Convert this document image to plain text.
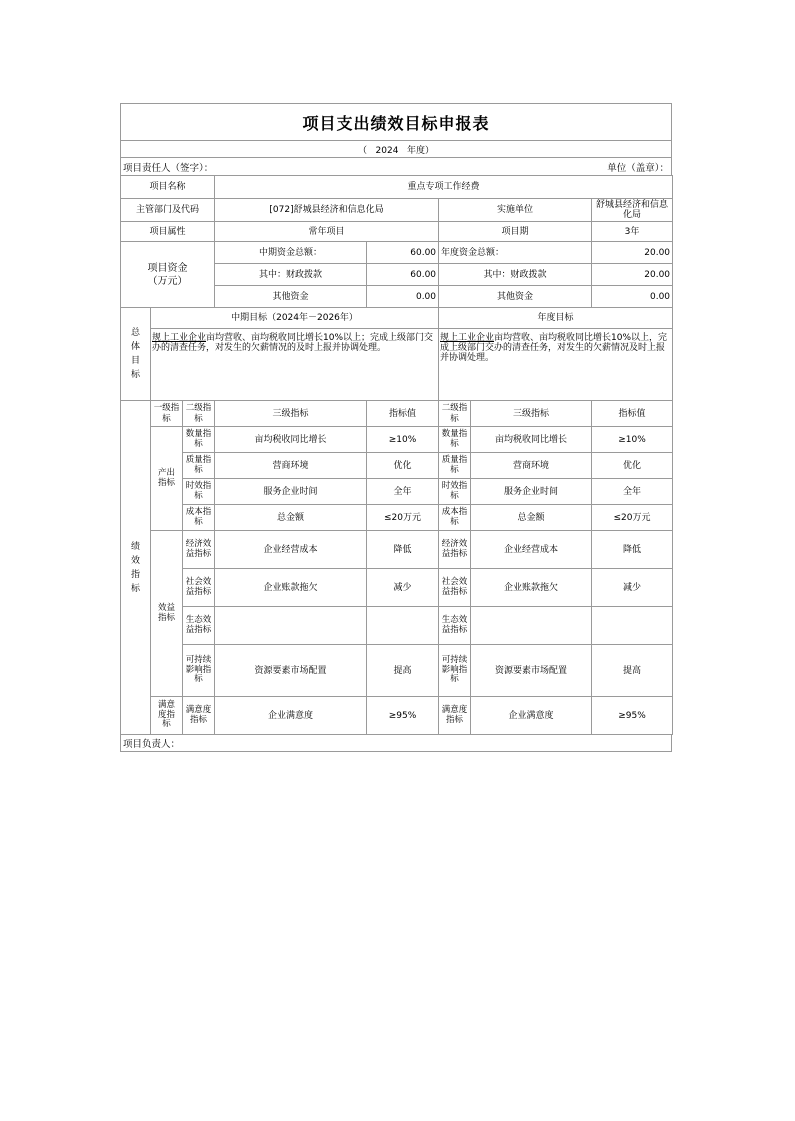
项目支出绩效目标申报表
（   2024   年度）
项目责任人（签字）：	单位（盖章）：
项目名称			重点专项工作经费				
主管部门及代码			[072]舒城县经济和信息化局		实施单位		舒城县经济和信息化局
项目属性			常年项目		项目期		3年
项目资金（万元）			中期资金总额：	60.00	年度资金总额：		20.00
			其中：财政拨款	60.00	其中：财政拨款		20.00
			其他资金	0.00	其他资金		0.00
总体目标	中期目标（2024年－2026年）				年度目标		
	规上工业企业亩均营收、亩均税收同比增长10%以上；完成上级部门交办的清查任务，对发生的欠薪情况的及时上报并协调处理。				规上工业企业亩均营收、亩均税收同比增长10%以上，完成上级部门交办的清查任务，对发生的欠薪情况及时上报并协调处理。		
绩效指标	一级指标	二级指标	三级指标	指标值	二级指标	三级指标	指标值
	产出指标	数量指标	亩均税收同比增长	≥10%	数量指标	亩均税收同比增长	≥10%
		质量指标	营商环境	优化	质量指标	营商环境	优化
		时效指标	服务企业时间	全年	时效指标	服务企业时间	全年
		成本指标	总金额	≤20万元	成本指标	总金额	≤20万元
	效益指标	经济效益指标	企业经营成本	降低	经济效益指标	企业经营成本	降低
		社会效益指标	企业账款拖欠	减少	社会效益指标	企业账款拖欠	减少
		生态效益指标			生态效益指标		
		可持续影响指标	资源要素市场配置	提高	可持续影响指标	资源要素市场配置	提高
	满意度指标	满意度指标	企业满意度	≥95%	满意度指标	企业满意度	≥95%
项目负责人：
